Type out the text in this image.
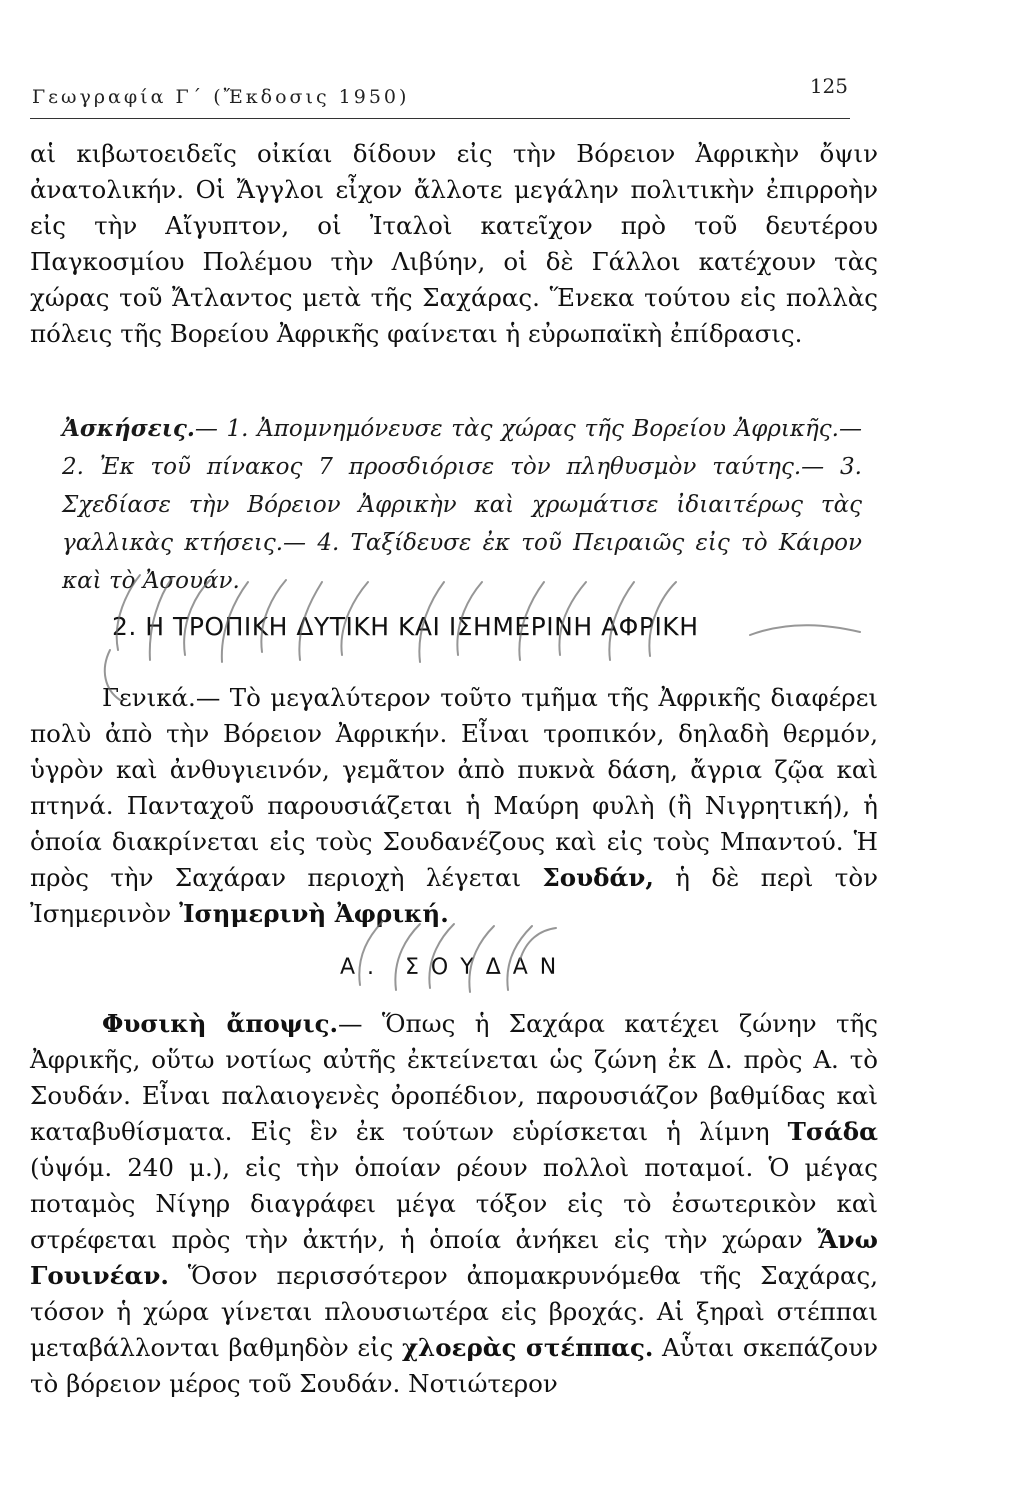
Γεωγραφία Γ΄ (Ἔκδοσις 1950)	125

αἱ κιβωτοειδεῖς οἰκίαι δίδουν εἰς τὴν Βόρειον Ἀφρικὴν ὄψιν ἀνατολικήν. Οἱ Ἄγγλοι εἶχον ἄλλοτε μεγάλην πολιτικὴν ἐπιρροὴν εἰς τὴν Αἴγυπτον, οἱ Ἰταλοὶ κατεῖχον πρὸ τοῦ δευτέρου Παγκοσμίου Πολέμου τὴν Λιβύην, οἱ δὲ Γάλλοι κατέχουν τὰς χώρας τοῦ Ἄτλαντος μετὰ τῆς Σαχάρας. Ἕνεκα τούτου εἰς πολλὰς πόλεις τῆς Βορείου Ἀφρικῆς φαίνεται ἡ εὐρωπαϊκὴ ἐπίδρασις.

Ἀσκήσεις.— 1. Ἀπομνημόνευσε τὰς χώρας τῆς Βορείου Ἀφρικῆς.— 2. Ἐκ τοῦ πίνακος 7 προσδιόρισε τὸν πληθυσμὸν ταύτης.— 3. Σχεδίασε τὴν Βόρειον Ἀφρικὴν καὶ χρωμάτισε ἰδιαιτέρως τὰς γαλλικὰς κτήσεις.— 4. Ταξίδευσε ἐκ τοῦ Πειραιῶς εἰς τὸ Κάιρον καὶ τὸ Ἀσουάν.

2. Η ΤΡΟΠΙΚΗ ΔΥΤΙΚΗ ΚΑΙ ΙΣΗΜΕΡΙΝΗ ΑΦΡΙΚΗ

Γενικά.— Τὸ μεγαλύτερον τοῦτο τμῆμα τῆς Ἀφρικῆς διαφέρει πολὺ ἀπὸ τὴν Βόρειον Ἀφρικήν. Εἶναι τροπικόν, δηλαδὴ θερμόν, ὑγρὸν καὶ ἀνθυγιεινόν, γεμᾶτον ἀπὸ πυκνὰ δάση, ἄγρια ζῷα καὶ πτηνά. Πανταχοῦ παρουσιάζεται ἡ Μαύρη φυλὴ (ἢ Νιγρητική), ἡ ὁποία διακρίνεται εἰς τοὺς Σουδανέζους καὶ εἰς τοὺς Μπαντού. Ἡ πρὸς τὴν Σαχάραν περιοχὴ λέγεται Σουδάν, ἡ δὲ περὶ τὸν Ἰσημερινὸν Ἰσημερινὴ Ἀφρική.

Α. ΣΟΥΔΑΝ

Φυσικὴ ἄποψις.— Ὅπως ἡ Σαχάρα κατέχει ζώνην τῆς Ἀφρικῆς, οὕτω νοτίως αὐτῆς ἐκτείνεται ὡς ζώνη ἐκ Δ. πρὸς Α. τὸ Σουδάν. Εἶναι παλαιογενὲς ὀροπέδιον, παρουσιάζον βαθμίδας καὶ καταβυθίσματα. Εἰς ἓν ἐκ τούτων εὑρίσκεται ἡ λίμνη Τσάδα (ὑψόμ. 240 μ.), εἰς τὴν ὁποίαν ρέουν πολλοὶ ποταμοί. Ὁ μέγας ποταμὸς Νίγηρ διαγράφει μέγα τόξον εἰς τὸ ἐσωτερικὸν καὶ στρέφεται πρὸς τὴν ἀκτήν, ἡ ὁποία ἀνήκει εἰς τὴν χώραν Ἄνω Γουινέαν. Ὅσον περισσότερον ἀπομακρυνόμεθα τῆς Σαχάρας, τόσον ἡ χώρα γίνεται πλουσιωτέρα εἰς βροχάς. Αἱ ξηραὶ στέππαι μεταβάλλονται βαθμηδὸν εἰς χλοερὰς στέππας. Αὗται σκεπάζουν τὸ βόρειον μέρος τοῦ Σουδάν. Νοτιώτερον
